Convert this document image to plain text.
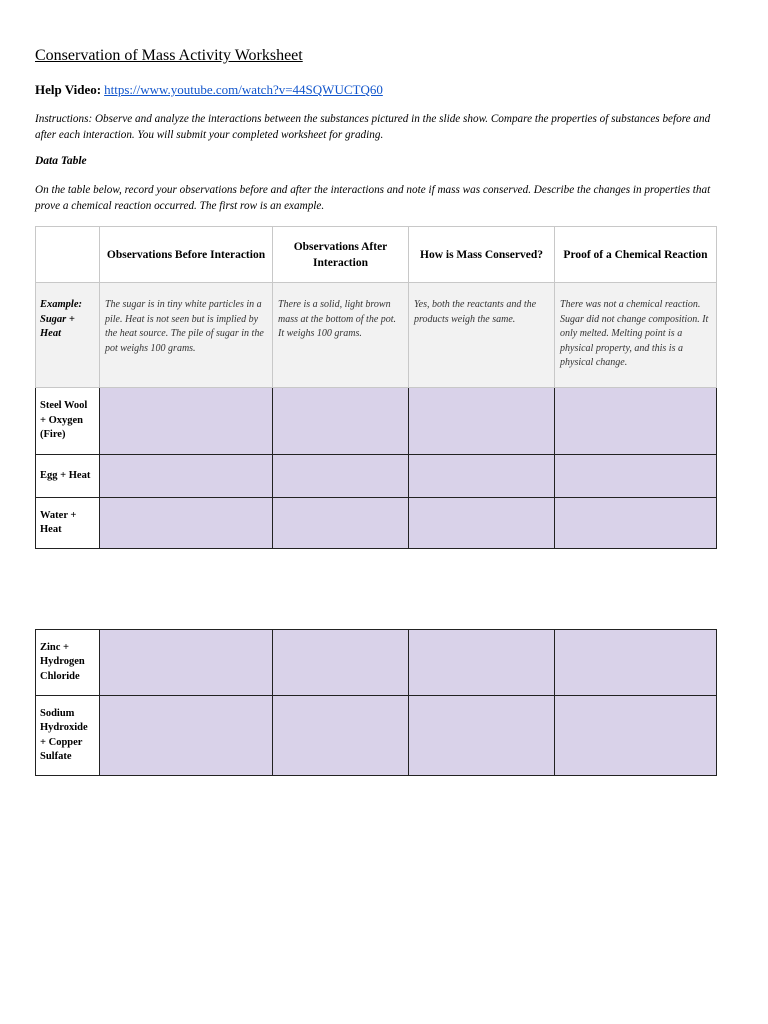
Conservation of Mass Activity Worksheet
Help Video: https://www.youtube.com/watch?v=44SQWUCTQ60
Instructions: Observe and analyze the interactions between the substances pictured in the slide show. Compare the properties of substances before and after each interaction. You will submit your completed worksheet for grading.
Data Table
On the table below, record your observations before and after the interactions and note if mass was conserved. Describe the changes in properties that prove a chemical reaction occurred. The first row is an example.
	Observations Before Interaction	Observations After Interaction	How is Mass Conserved?	Proof of a Chemical Reaction
Example: Sugar + Heat	The sugar is in tiny white particles in a pile. Heat is not seen but is implied by the heat source. The pile of sugar in the pot weighs 100 grams.	There is a solid, light brown mass at the bottom of the pot. It weighs 100 grams.	Yes, both the reactants and the products weigh the same.	There was not a chemical reaction. Sugar did not change composition. It only melted. Melting point is a physical property, and this is a physical change.
Steel Wool + Oxygen (Fire)				
Egg + Heat				
Water + Heat				
Zinc + Hydrogen Chloride				
Sodium Hydroxide + Copper Sulfate				
